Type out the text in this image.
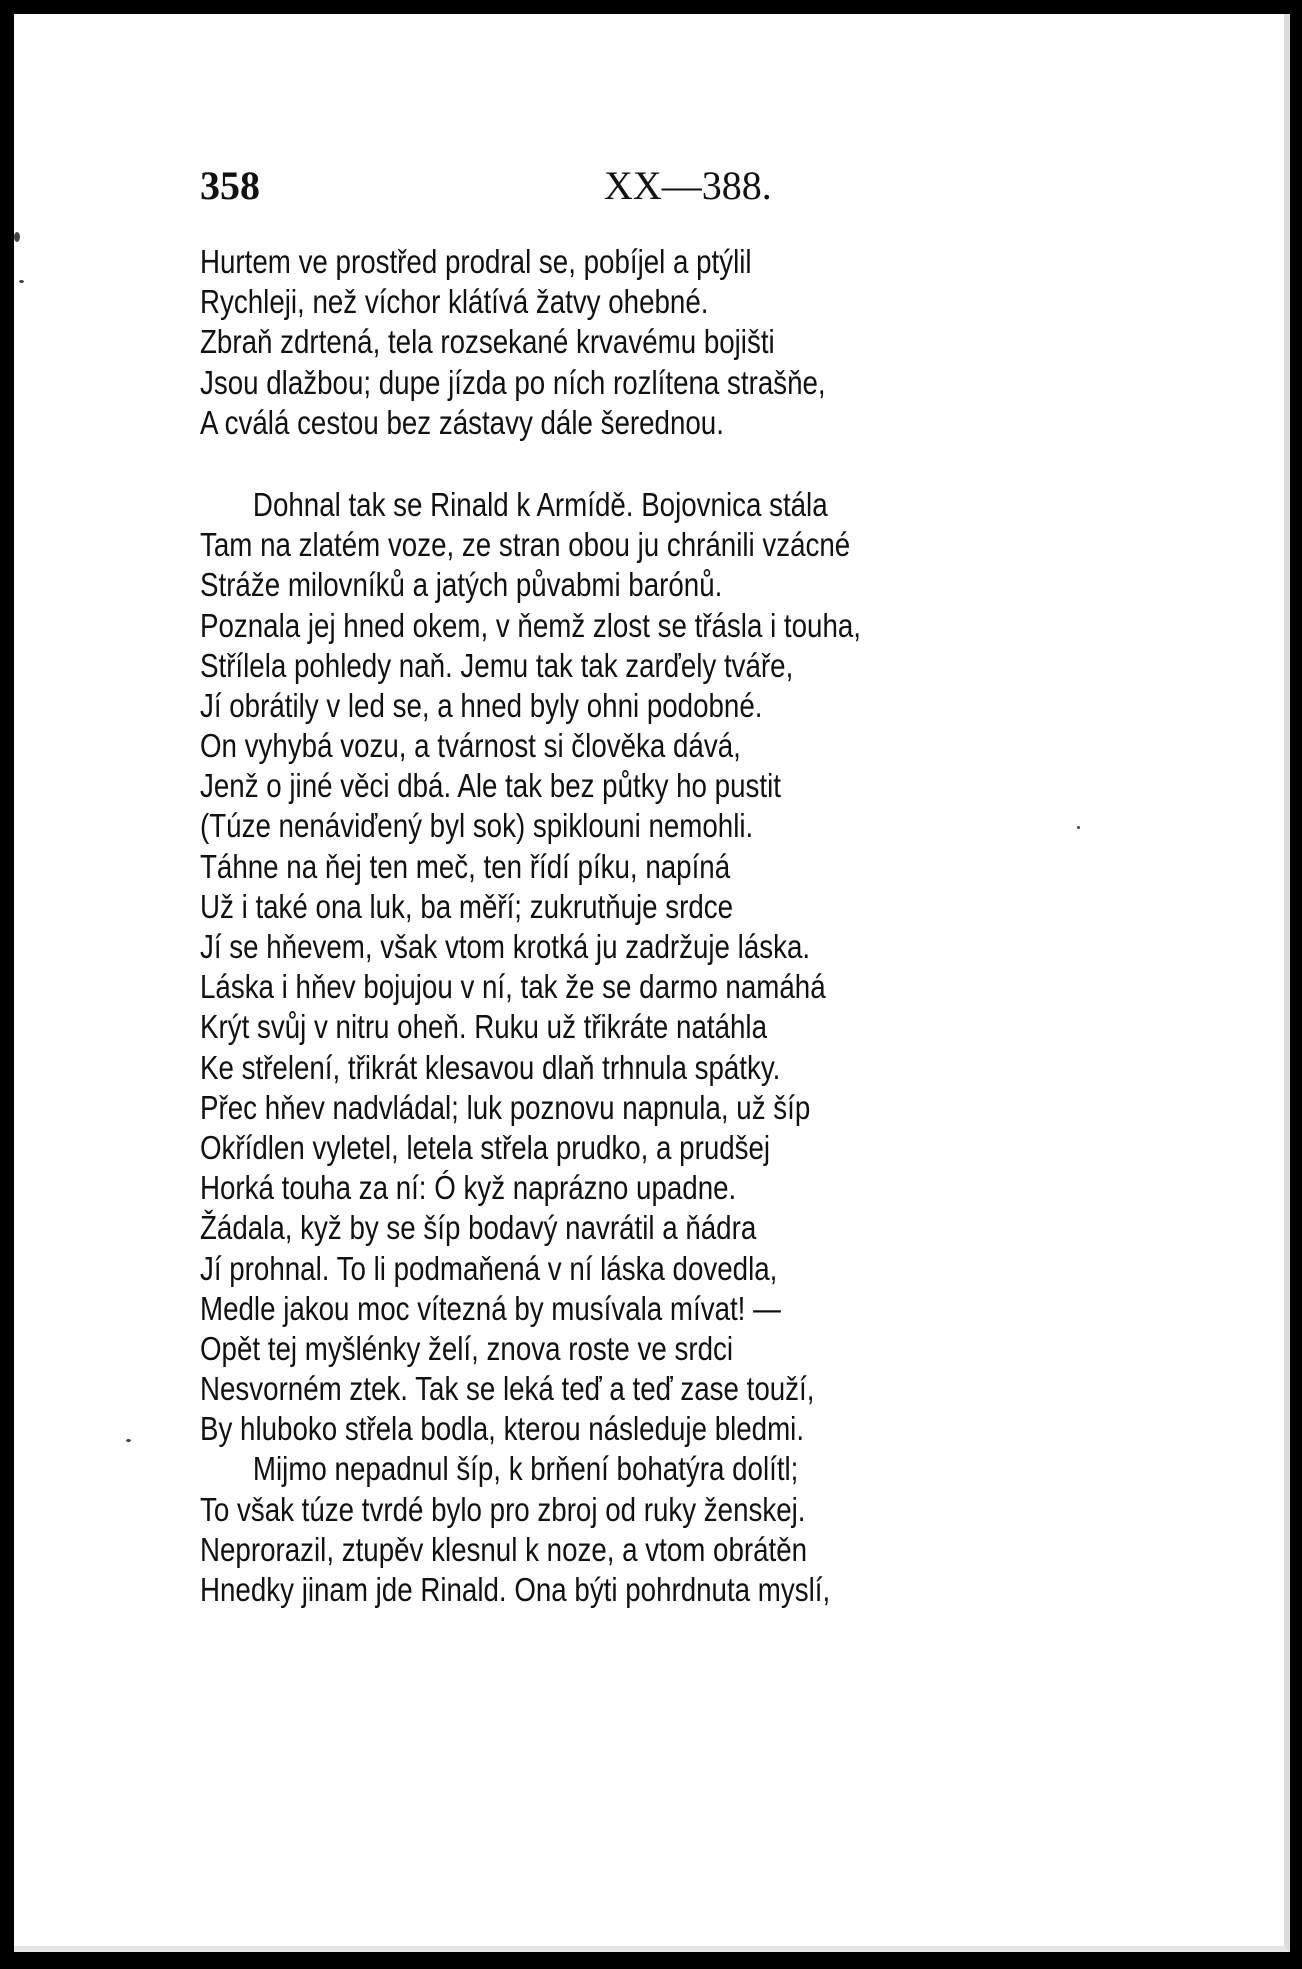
358	XX—388.
Hurtem ve prostřed prodral se, pobíjel a ptýlil
Rychleji, než víchor klátívá žatvy ohebné.
Zbraň zdrtená, tela rozsekané krvavému bojišti
Jsou dlažbou; dupe jízda po ních rozlítena strašňe,
A cválá cestou bez zástavy dále šerednou.
Dohnal tak se Rinald k Armídě. Bojovnica stála
Tam na zlatém voze, ze stran obou ju chránili vzácné
Stráže milovníků a jatých půvabmi barónů.
Poznala jej hned okem, v ňemž zlost se třásla i touha,
Střílela pohledy naň. Jemu tak tak zarďely tváře,
Jí obrátily v led se, a hned byly ohni podobné.
On vyhybá vozu, a tvárnost si člověka dává,
Jenž o jiné věci dbá. Ale tak bez půtky ho pustit
(Túze nenáviďený byl sok) spiklouni nemohli.
Táhne na ňej ten meč, ten řídí píku, napíná
Už i také ona luk, ba měří; zukrutňuje srdce
Jí se hňevem, však vtom krotká ju zadržuje láska.
Láska i hňev bojujou v ní, tak že se darmo namáhá
Krýt svůj v nitru oheň. Ruku už třikráte natáhla
Ke střelení, třikrát klesavou dlaň trhnula spátky.
Přec hňev nadvládal; luk poznovu napnula, už šíp
Okřídlen vyletel, letela střela prudko, a prudšej
Horká touha za ní: Ó kyž naprázno upadne.
Žádala, kyž by se šíp bodavý navrátil a ňádra
Jí prohnal. To li podmaňená v ní láska dovedla,
Medle jakou moc vítezná by musívala mívat! —
Opět tej myšlénky želí, znova roste ve srdci
Nesvorném ztek. Tak se leká teď a teď zase touží,
By hluboko střela bodla, kterou následuje bledmi.
Mijmo nepadnul šíp, k brňení bohatýra dolítl;
To však túze tvrdé bylo pro zbroj od ruky ženskej.
Neprorazil, ztupěv klesnul k noze, a vtom obrátěn
Hnedky jinam jde Rinald. Ona býti pohrdnuta myslí,
